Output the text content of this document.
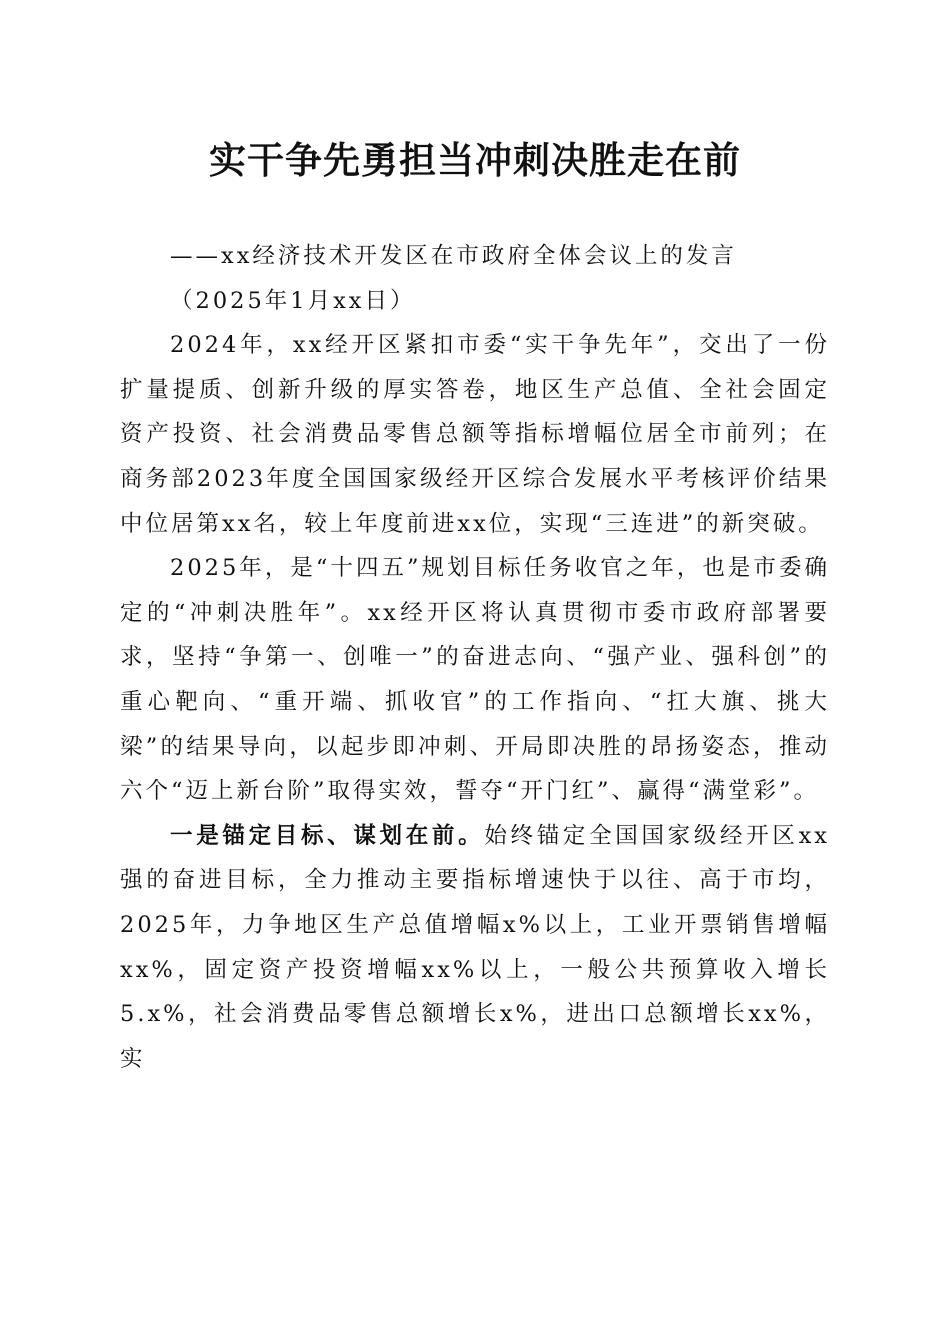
实干争先勇担当冲刺决胜走在前

——xx经济技术开发区在市政府全体会议上的发言

（2025年1月xx日）

2024年，xx经开区紧扣市委“实干争先年”，交出了一份扩量提质、创新升级的厚实答卷，地区生产总值、全社会固定资产投资、社会消费品零售总额等指标增幅位居全市前列；在商务部2023年度全国国家级经开区综合发展水平考核评价结果中位居第xx名，较上年度前进xx位，实现“三连进”的新突破。

2025年，是“十四五”规划目标任务收官之年，也是市委确定的“冲刺决胜年”。xx经开区将认真贯彻市委市政府部署要求，坚持“争第一、创唯一”的奋进志向、“强产业、强科创”的重心靶向、“重开端、抓收官”的工作指向、“扛大旗、挑大梁”的结果导向，以起步即冲刺、开局即决胜的昂扬姿态，推动六个“迈上新台阶”取得实效，誓夺“开门红”、赢得“满堂彩”。

一是锚定目标、谋划在前。始终锚定全国国家级经开区xx强的奋进目标，全力推动主要指标增速快于以往、高于市均，2025年，力争地区生产总值增幅x%以上，工业开票销售增幅xx%，固定资产投资增幅xx%以上，一般公共预算收入增长5.x%，社会消费品零售总额增长x%，进出口总额增长xx%，实
